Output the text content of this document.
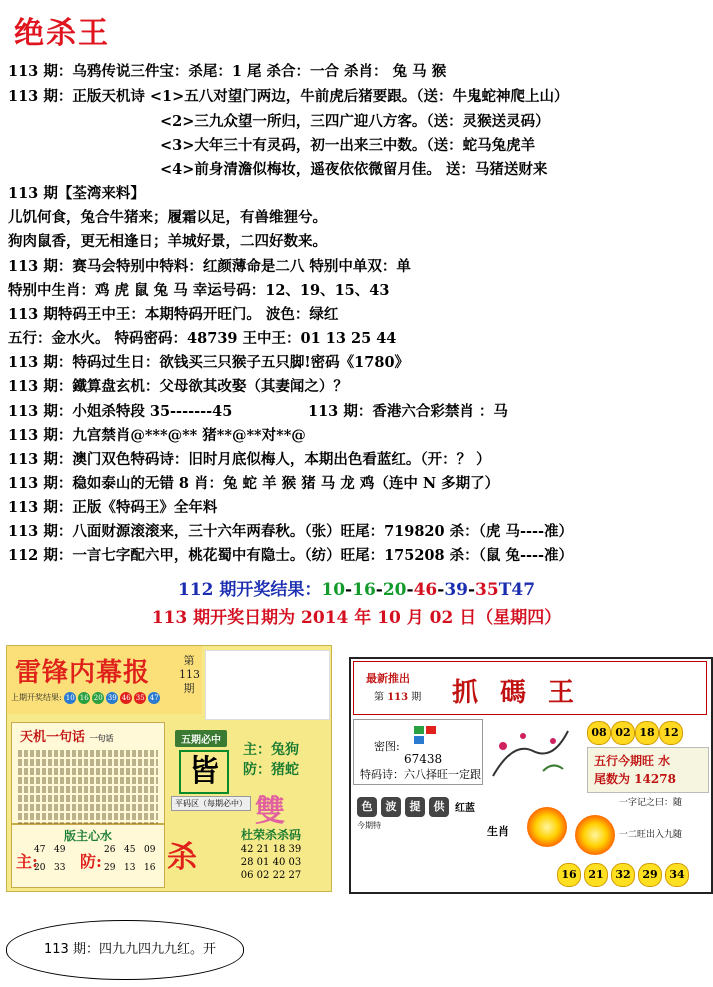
绝杀王
113 期：乌鸦传说三件宝：杀尾：1 尾 杀合：一合 杀肖： 兔 马 猴
113 期：正版天机诗 <1>五八对望门两边，牛前虎后猪要跟。（送：牛鬼蛇神爬上山）
<2>三九众望一所归，三四广迎八方客。（送：灵猴送灵码）
<3>大年三十有灵码，初一出来三中数。（送：蛇马兔虎羊
<4>前身清澹似梅妆，遥夜依依微留月佳。 送：马猪送财来
113 期【荃湾来料】
儿饥何食，兔合牛猪来；履霜以足，有兽维狸兮。
狗肉鼠香，更无相逢日；羊城好景，二四好数来。
113 期：赛马会特别中特料：红颜薄命是二八 特别中单双：单
特别中生肖：鸡 虎 鼠 兔 马 幸运号码：12、19、15、43
113 期特码王中王：本期特码开旺门。 波色：绿红
五行：金水火。 特码密码：48739 王中王：01 13 25 44
113 期：特码过生日：欲钱买三只猴子五只脚!密码《1780》
113 期：鐵算盘玄机：父母欲其改娶（其妻闻之）？
113 期：小姐杀特段 35-------45	113 期：香港六合彩禁肖 ：马
113 期：九宫禁肖@***@** 猪**@**对**@
113 期：澳门双色特码诗：旧时月底似梅人，本期出色看蓝红。（开：？ ）
113 期：稳如泰山的无错 8 肖：兔 蛇 羊 猴 猪 马 龙 鸡（连中 N 多期了）
113 期：正版《特码王》全年料
113 期：八面财源滚滚来，三十六年两春秋。（张）旺尾：719820 杀：（虎 马----准）
112 期：一言七字配六甲，桃花蜀中有隐士。（纺）旺尾：175208 杀：（鼠 兔----准）
112 期开奖结果：10-16-20-46-39-35T47
113 期开奖日期为 2014 年 10 月 02 日（星期四）
雷锋内幕报	第113期
上期开奖结果: 10 16 20 39 46 35 47
天机一句话 一句话
版主心水
主:	防:
47 49
20 33
26 45 09
29 13 16
五期必中
皆
主：兔狗
防：猪蛇
平码区（每期必中） 雙
杀
杜荣杀杀码
42 21 18 39
28 01 40 03
06 02 22 27
最新推出
第 113 期 抓碼王
密图:
67438
特码诗：六八择旺一定跟
08 02 18 12
五行今期旺 水
尾数为 14278
色	波	提	供	红蓝
今期特	生肖
一字记之曰：随
一二旺出入九随
16 21 32 29 34
113 期：四九九四九九红。开
